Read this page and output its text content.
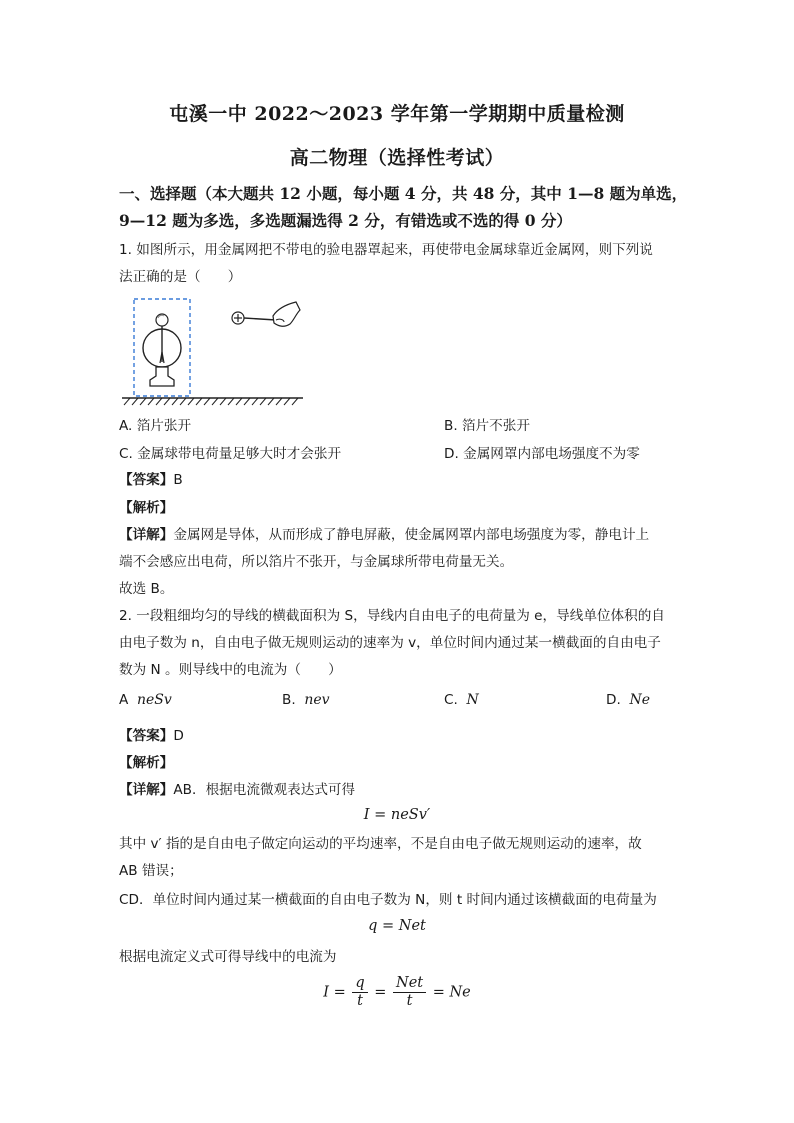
屯溪一中 2022～2023 学年第一学期期中质量检测
高二物理（选择性考试）
一、选择题（本大题共 12 小题，每小题 4 分，共 48 分，其中 1—8 题为单选，
9—12 题为多选，多选题漏选得 2 分，有错选或不选的得 0 分）
1. 如图所示，用金属网把不带电的验电器罩起来，再使带电金属球靠近金属网，则下列说
法正确的是（　　）
A. 箔片张开	B. 箔片不张开
C. 金属球带电荷量足够大时才会张开	D. 金属网罩内部电场强度不为零
【答案】B
【解析】
【详解】金属网是导体，从而形成了静电屏蔽，使金属网罩内部电场强度为零，静电计上
端不会感应出电荷，所以箔片不张开，与金属球所带电荷量无关。
故选 B。
2. 一段粗细均匀的导线的横截面积为 S，导线内自由电子的电荷量为 e，导线单位体积的自
由电子数为 n，自由电子做无规则运动的速率为 v，单位时间内通过某一横截面的自由电子
数为 N 。则导线中的电流为（　　）
A neSv	B. nev	C. N	D. Ne
【答案】D
【解析】
【详解】AB．根据电流微观表达式可得
I = neSv′
其中 v′ 指的是自由电子做定向运动的平均速率，不是自由电子做无规则运动的速率，故
AB 错误；
CD．单位时间内通过某一横截面的自由电子数为 N，则 t 时间内通过该横截面的电荷量为
q = Net
根据电流定义式可得导线中的电流为
$I = \frac{q}{t} = \frac{\text{Net}}{t} = Ne$
